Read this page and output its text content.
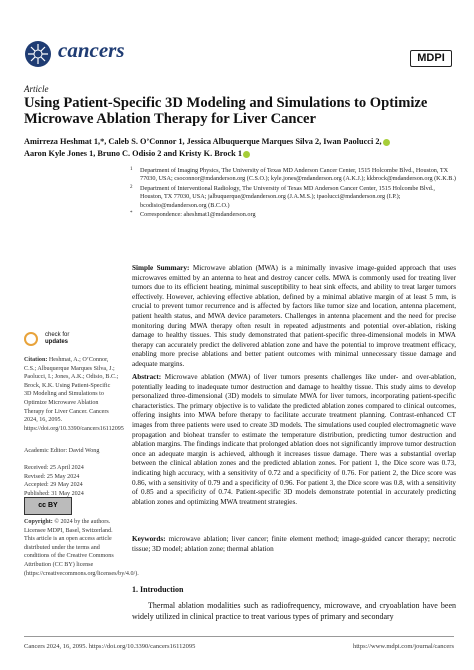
cancers	MDPI
Article
Using Patient-Specific 3D Modeling and Simulations to Optimize Microwave Ablation Therapy for Liver Cancer
Amirreza Heshmat 1,*, Caleb S. O’Connor 1, Jessica Albuquerque Marques Silva 2, Iwan Paolucci 2,
Aaron Kyle Jones 1, Bruno C. Odisio 2 and Kristy K. Brock 1
1 Department of Imaging Physics, The University of Texas MD Anderson Cancer Center, 1515 Holcombe Blvd., Houston, TX 77030, USA; csoconnor@mdanderson.org (C.S.O.); kyle.jones@mdanderson.org (A.K.J.); kkbrock@mdanderson.org (K.K.B.)
2 Department of Interventional Radiology, The University of Texas MD Anderson Cancer Center, 1515 Holcombe Blvd., Houston, TX 77030, USA; jalbuquerque@mdanderson.org (J.A.M.S.); ipaolucci@mdanderson.org (I.P.); bcodisio@mdanderson.org (B.C.O.)
* Correspondence: aheshmat1@mdanderson.org
Simple Summary: Microwave ablation (MWA) is a minimally invasive image-guided approach that uses microwaves emitted by an antenna to heat and destroy cancer cells. MWA is commonly used for treating liver tumors due to its efficient heating, minimal susceptibility to heat sink effects, and ability to treat larger tumors effectively. However, achieving effective ablation, defined by a minimal ablative margin of at least 5 mm, is crucial to prevent tumor recurrence and is affected by factors like tumor size and location, antenna placement, patient health status, and MWA device parameters. Challenges in antenna placement and the need for precise monitoring during MWA therapy often result in repeated adjustments and potential over-ablation, risking damage to healthy tissues. This study demonstrated that patient-specific three-dimensional models in MWA therapy can accurately predict the delivered ablation zone and have the potential to improve treatment efficacy, enabling more precise ablations and better patient outcomes with minimal unnecessary tissue damage and adequate margins.
Abstract: Microwave ablation (MWA) of liver tumors presents challenges like under- and over-ablation, potentially leading to inadequate tumor destruction and damage to healthy tissue. This study aims to develop personalized three-dimensional (3D) models to simulate MWA for liver tumors, incorporating patient-specific characteristics. The primary objective is to validate the predicted ablation zones compared to clinical outcomes, offering insights into MWA before therapy to facilitate accurate treatment planning. Contrast-enhanced CT images from three patients were used to create 3D models. The simulations used coupled electromagnetic wave propagation and bioheat transfer to estimate the temperature distribution, predicting tumor destruction and ablation margins. The findings indicate that prolonged ablation does not significantly improve tumor destruction once an adequate margin is achieved, although it increases tissue damage. There was a substantial overlap between the clinical ablation zones and the predicted ablation zones. For patient 1, the Dice score was 0.73, indicating high accuracy, with a sensitivity of 0.72 and a specificity of 0.76. For patient 2, the Dice score was 0.86, with a sensitivity of 0.79 and a specificity of 0.96. For patient 3, the Dice score was 0.8, with a sensitivity of 0.85 and a specificity of 0.74. Patient-specific 3D models demonstrate potential in accurately predicting ablation zones and optimizing MWA treatment strategies.
Keywords: microwave ablation; liver cancer; finite element method; image-guided cancer therapy; necrotic tissue; 3D model; ablation zone; thermal ablation
check for
updates
Citation: Heshmat, A.; O’Connor, C.S.; Albuquerque Marques Silva, J.; Paolucci, I.; Jones, A.K.; Odisio, B.C.; Brock, K.K. Using Patient-Specific 3D Modeling and Simulations to Optimize Microwave Ablation Therapy for Liver Cancer. Cancers 2024, 16, 2095. https://doi.org/10.3390/cancers16112095
Academic Editor: David Wong
Received: 25 April 2024
Revised: 25 May 2024
Accepted: 29 May 2024
Published: 31 May 2024
cc BY
Copyright: © 2024 by the authors. Licensee MDPI, Basel, Switzerland. This article is an open access article distributed under the terms and conditions of the Creative Commons Attribution (CC BY) license (https://creativecommons.org/licenses/by/4.0/).
1. Introduction
  Thermal ablation modalities such as radiofrequency, microwave, and cryoablation have been widely utilized in clinical practice to treat various types of primary and secondary
Cancers 2024, 16, 2095. https://doi.org/10.3390/cancers16112095	https://www.mdpi.com/journal/cancers
